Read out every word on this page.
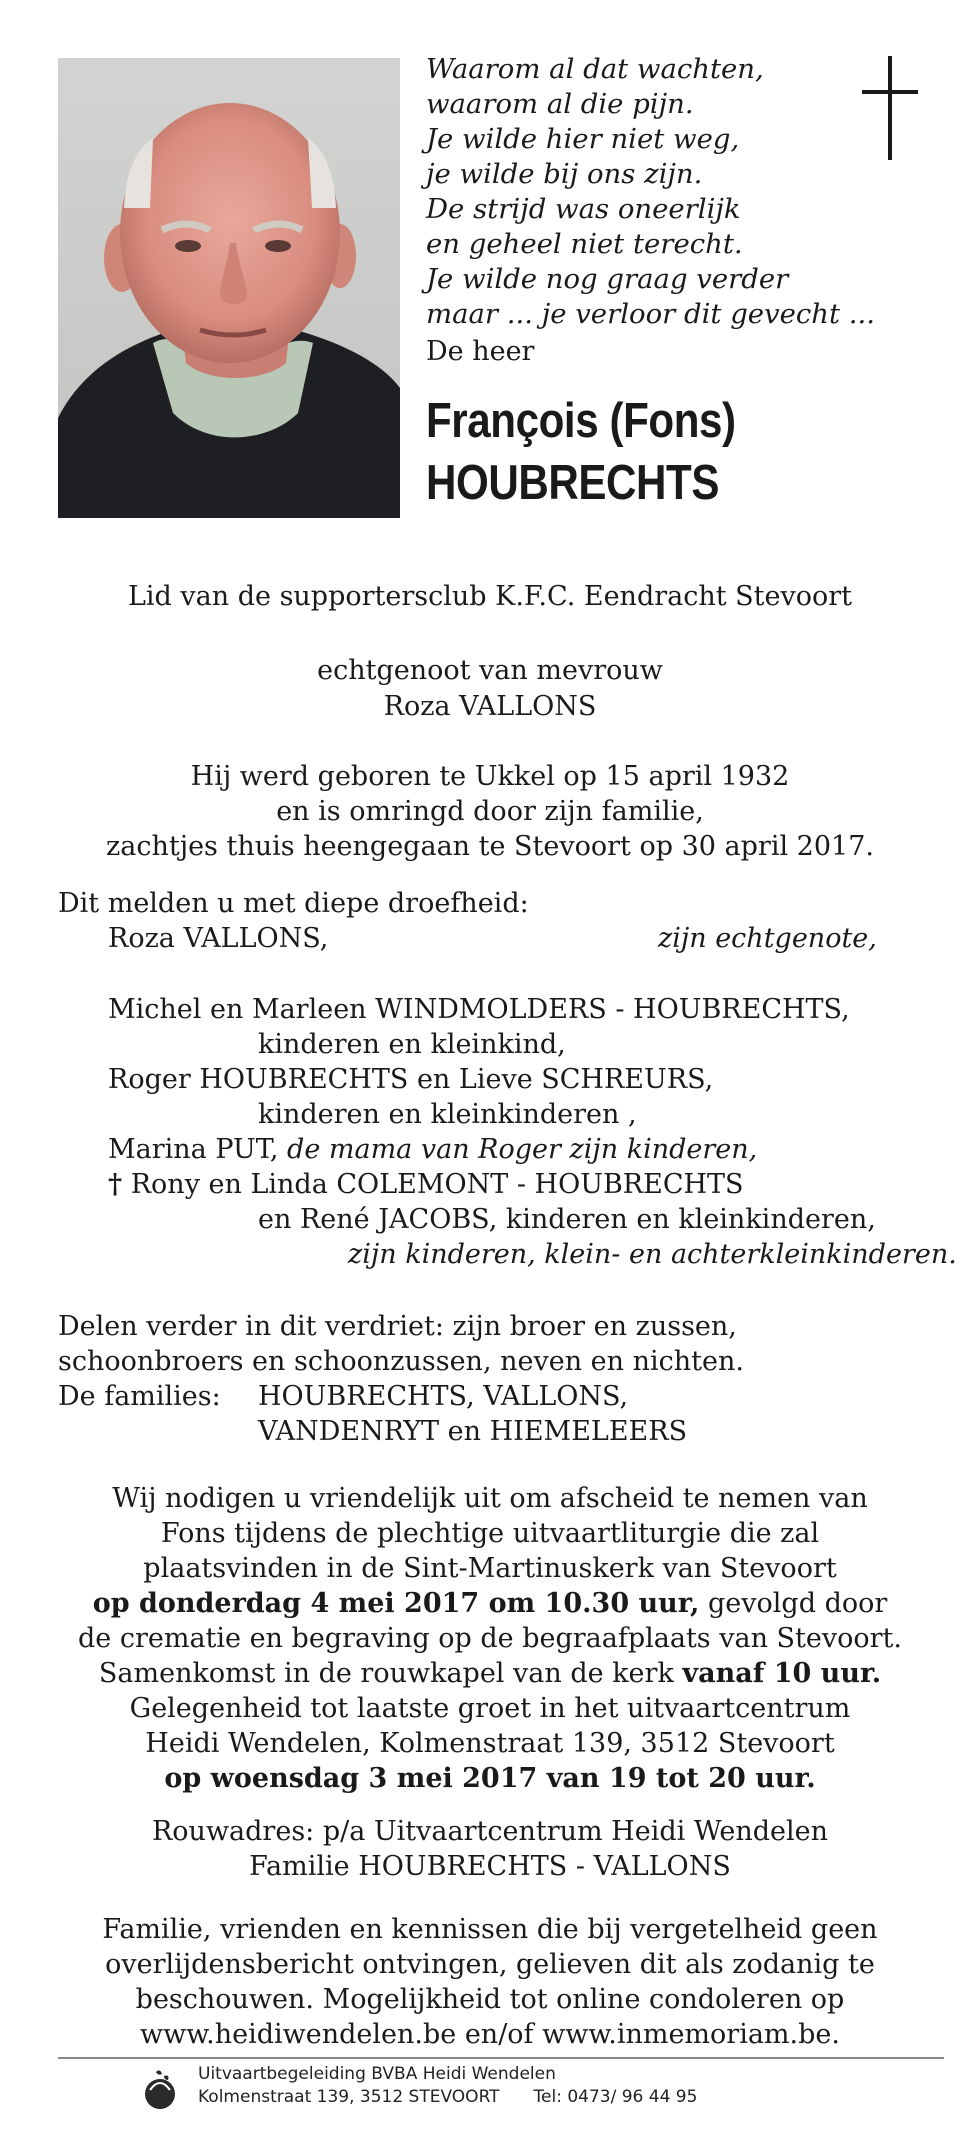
Waarom al dat wachten,
waarom al die pijn.
Je wilde hier niet weg,
je wilde bij ons zijn.
De strijd was oneerlijk
en geheel niet terecht.
Je wilde nog graag verder
maar ... je verloor dit gevecht ...
De heer
François (Fons)
HOUBRECHTS
Lid van de supportersclub K.F.C. Eendracht Stevoort
echtgenoot van mevrouw
Roza VALLONS
Hij werd geboren te Ukkel op 15 april 1932
en is omringd door zijn familie,
zachtjes thuis heengegaan te Stevoort op 30 april 2017.
Dit melden u met diepe droefheid:
Roza VALLONS,	zijn echtgenote,
Michel en Marleen WINDMOLDERS - HOUBRECHTS,
kinderen en kleinkind,
Roger HOUBRECHTS en Lieve SCHREURS,
kinderen en kleinkinderen ,
Marina PUT, de mama van Roger zijn kinderen,
† Rony en Linda COLEMONT - HOUBRECHTS
en René JACOBS, kinderen en kleinkinderen,
zijn kinderen, klein- en achterkleinkinderen.
Delen verder in dit verdriet: zijn broer en zussen,
schoonbroers en schoonzussen, neven en nichten.
De families: HOUBRECHTS, VALLONS,
VANDENRYT en HIEMELEERS
Wij nodigen u vriendelijk uit om afscheid te nemen van
Fons tijdens de plechtige uitvaartliturgie die zal
plaatsvinden in de Sint-Martinuskerk van Stevoort
op donderdag 4 mei 2017 om 10.30 uur, gevolgd door
de crematie en begraving op de begraafplaats van Stevoort.
Samenkomst in de rouwkapel van de kerk vanaf 10 uur.
Gelegenheid tot laatste groet in het uitvaartcentrum
Heidi Wendelen, Kolmenstraat 139, 3512 Stevoort
op woensdag 3 mei 2017 van 19 tot 20 uur.
Rouwadres: p/a Uitvaartcentrum Heidi Wendelen
Familie HOUBRECHTS - VALLONS
Familie, vrienden en kennissen die bij vergetelheid geen
overlijdensbericht ontvingen, gelieven dit als zodanig te
beschouwen. Mogelijkheid tot online condoleren op
www.heidiwendelen.be en/of www.inmemoriam.be.
Uitvaartbegeleiding BVBA Heidi Wendelen
Kolmenstraat 139, 3512 STEVOORT Tel: 0473/ 96 44 95
